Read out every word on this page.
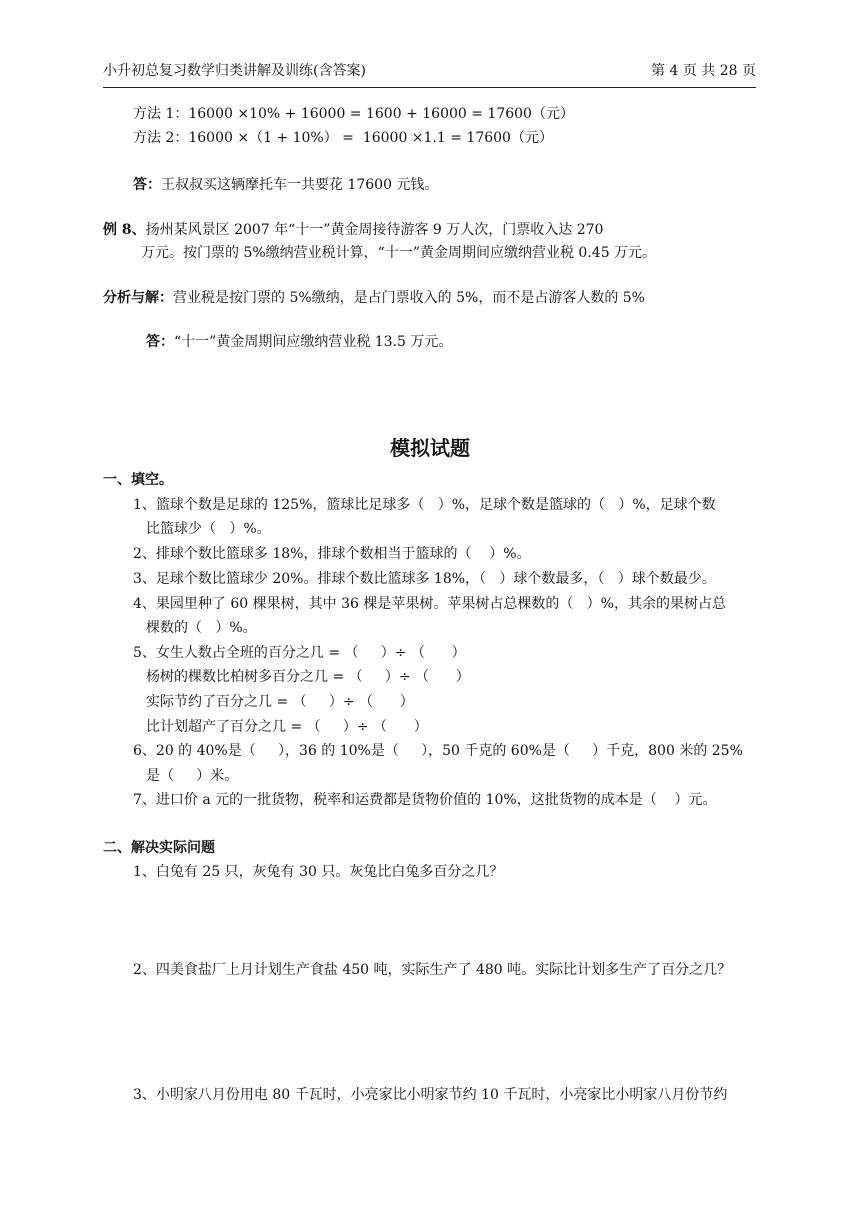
小升初总复习数学归类讲解及训练(含答案)	第 4 页 共 28 页
方法 1：16000 ×10% + 16000 = 1600 + 16000 = 17600（元）
方法 2：16000 ×（1 + 10%） =  16000 ×1.1 = 17600（元）
答：王叔叔买这辆摩托车一共要花 17600 元钱。
例 8、扬州某风景区 2007 年“十一”黄金周接待游客 9 万人次，门票收入达 270
万元。按门票的 5%缴纳营业税计算，“十一”黄金周期间应缴纳营业税 0.45 万元。
分析与解：营业税是按门票的 5%缴纳，是占门票收入的 5%，而不是占游客人数的 5%
答：“十一”黄金周期间应缴纳营业税 13.5 万元。
模拟试题
一、填空。
1、篮球个数是足球的 125%，篮球比足球多（   ）%，足球个数是篮球的（   ）%，足球个数
比篮球少（   ）%。
2、排球个数比篮球多 18%，排球个数相当于篮球的（    ）%。
3、足球个数比篮球少 20%。排球个数比篮球多 18%，（   ）球个数最多，（   ）球个数最少。
4、果园里种了 60 棵果树，其中 36 棵是苹果树。苹果树占总棵数的（   ）%，其余的果树占总
棵数的（   ）%。
5、女生人数占全班的百分之几 = （     ）÷ （      ）
杨树的棵数比柏树多百分之几 = （     ）÷ （      ）
实际节约了百分之几 = （     ）÷ （      ）
比计划超产了百分之几 = （     ）÷ （      ）
6、20 的 40%是（     ），36 的 10%是（     ），50 千克的 60%是（     ）千克，800 米的 25%
是（     ）米。
7、进口价 a 元的一批货物，税率和运费都是货物价值的 10%，这批货物的成本是（    ）元。
二、解决实际问题
1、白兔有 25 只，灰兔有 30 只。灰兔比白兔多百分之几？
2、四美食盐厂上月计划生产食盐 450 吨，实际生产了 480 吨。实际比计划多生产了百分之几？
3、小明家八月份用电 80 千瓦时，小亮家比小明家节约 10 千瓦时，小亮家比小明家八月份节约
